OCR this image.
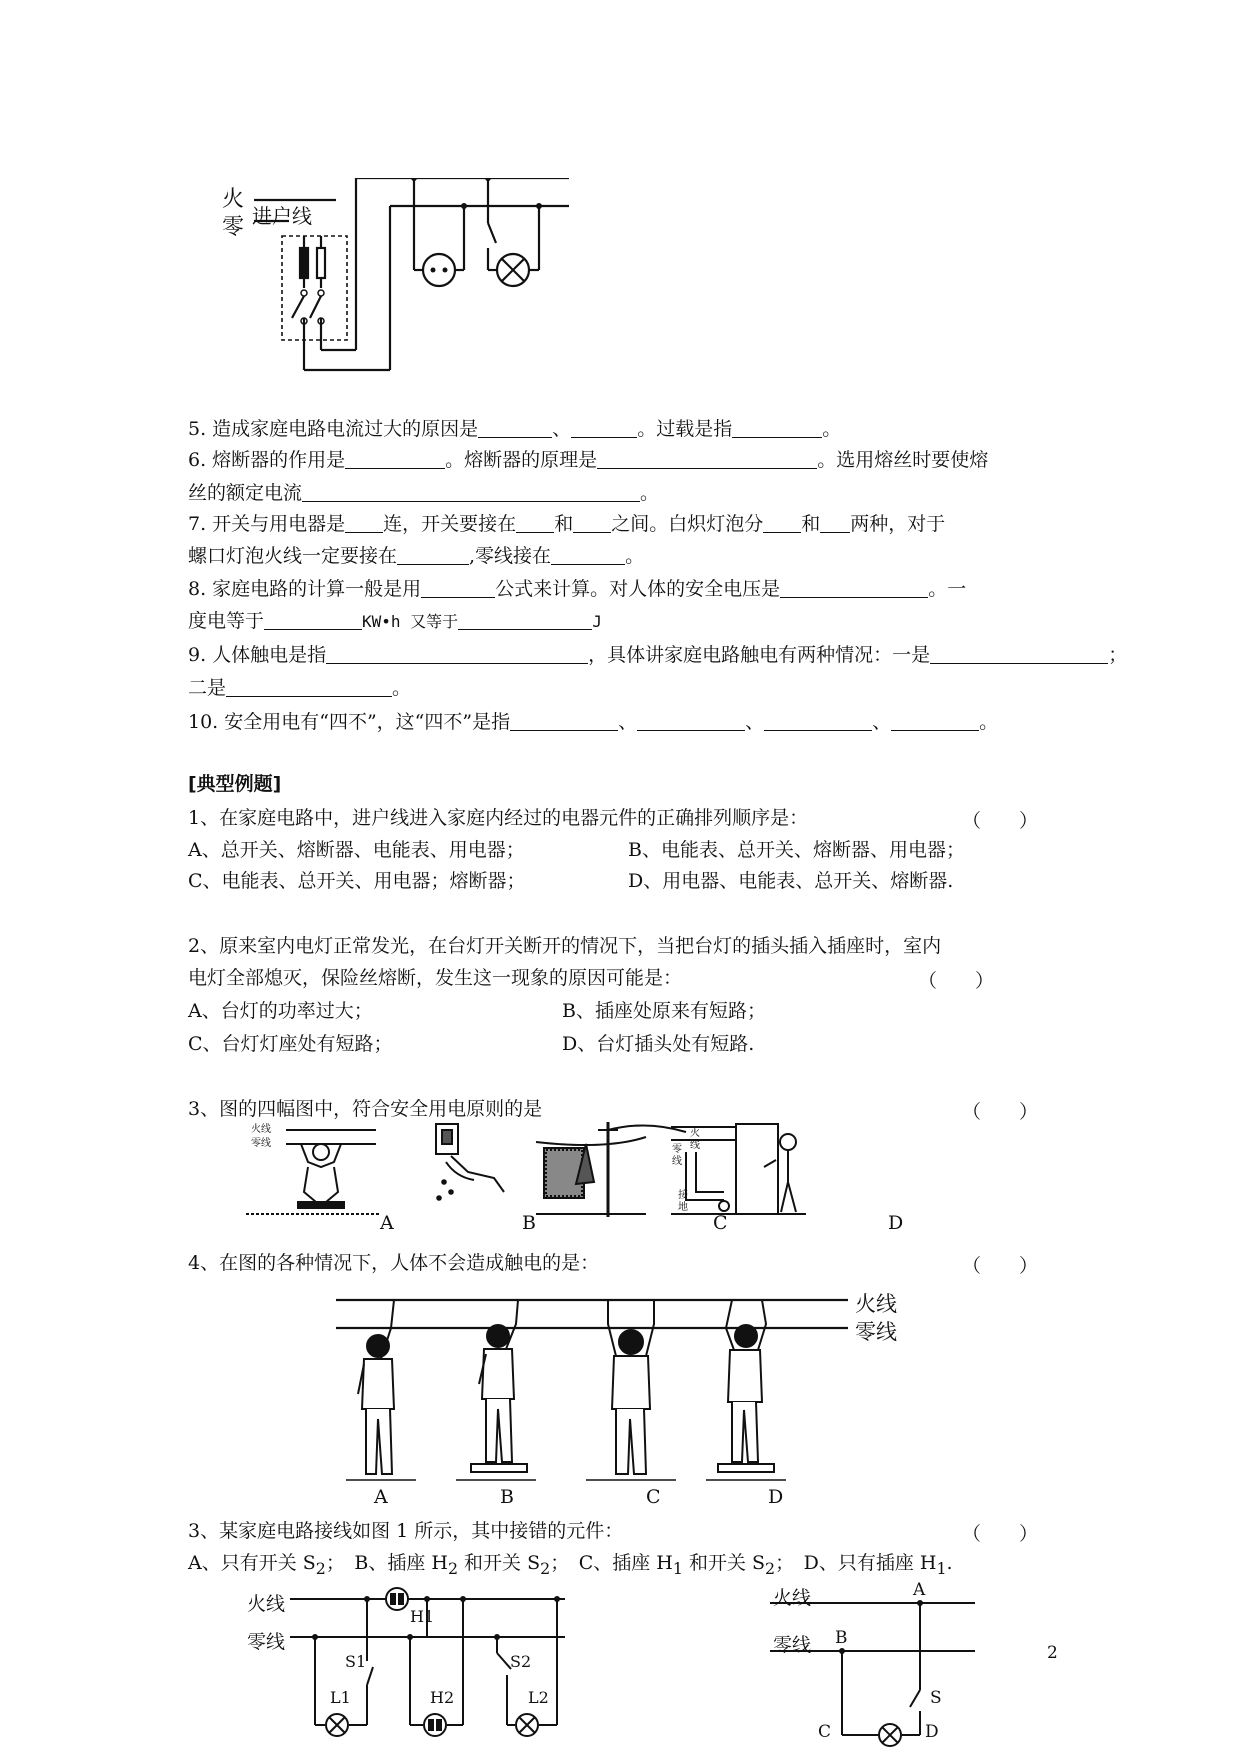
火
零 进户线
5. 造成家庭电路电流过大的原因是	、	。过载是指	。
6. 熔断器的作用是	。熔断器的原理是	。选用熔丝时要使熔
丝的额定电流	。
7. 开关与用电器是 连，开关要接在 和 之间。白炽灯泡分 和 两种，对于
螺口灯泡火线一定要接在	,零线接在	。
8. 家庭电路的计算一般是用	公式来计算。对人体的安全电压是	。一
度电等于	KW•h 又等于	J
9. 人体触电是指	，具体讲家庭电路触电有两种情况：一是	；
二是	。
10. 安全用电有“四不”，这“四不”是指	、	、	、	。
[典型例题]
1、在家庭电路中，进户线进入家庭内经过的电器元件的正确排列顺序是：	（　　）
A、总开关、熔断器、电能表、用电器；	B、电能表、总开关、熔断器、用电器；
C、电能表、总开关、用电器；熔断器；	D、用电器、电能表、总开关、熔断器.
2、原来室内电灯正常发光，在台灯开关断开的情况下，当把台灯的插头插入插座时，室内
电灯全部熄灭，保险丝熔断，发生这一现象的原因可能是：	（　　）
A、台灯的功率过大；	B、插座处原来有短路；
C、台灯灯座处有短路；	D、台灯插头处有短路.
3、图的四幅图中，符合安全用电原则的是	（　　）
火线
零线
零
线
火
线
接
地
A	B	C	D
4、在图的各种情况下，人体不会造成触电的是：	（　　）
火线
零线
A	B	C	D
3、某家庭电路接线如图 1 所示，其中接错的元件：	（　　）
A、只有开关 $S_2$；　B、插座 $H_2$ 和开关 $S_2$；　C、插座 $H_1$ 和开关 $S_2$；　D、只有插座 $H_1$.
火线
零线
H1
S1	S2
L1	H2	L2
火线
零线
A
B
C	D
S
2
